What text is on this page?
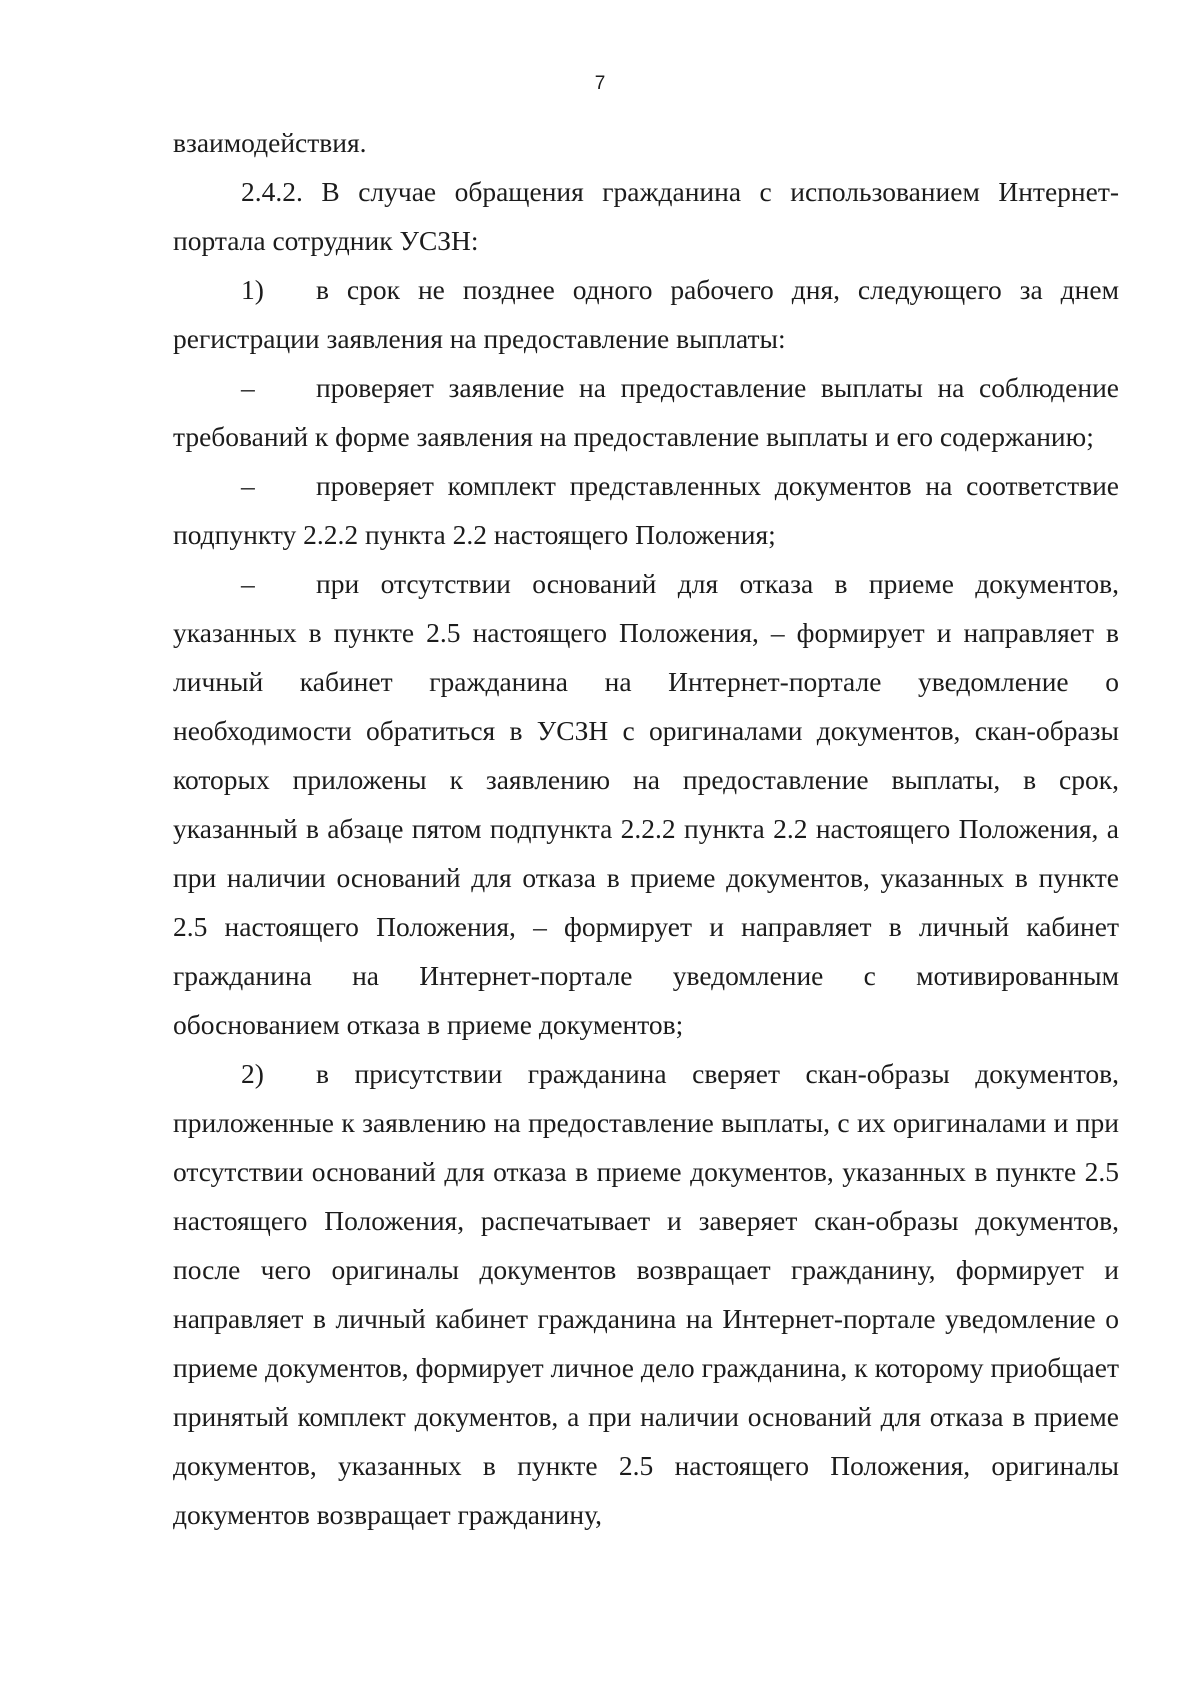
7

взаимодействия.

2.4.2. В случае обращения гражданина с использованием Интернет-портала сотрудник УСЗН:

1) в срок не позднее одного рабочего дня, следующего за днем регистрации заявления на предоставление выплаты:

– проверяет заявление на предоставление выплаты на соблюдение требований к форме заявления на предоставление выплаты и его содержанию;

– проверяет комплект представленных документов на соответствие подпункту 2.2.2 пункта 2.2 настоящего Положения;

– при отсутствии оснований для отказа в приеме документов, указанных в пункте 2.5 настоящего Положения, – формирует и направляет в личный кабинет гражданина на Интернет-портале уведомление о необходимости обратиться в УСЗН с оригиналами документов, скан-образы которых приложены к заявлению на предоставление выплаты, в срок, указанный в абзаце пятом подпункта 2.2.2 пункта 2.2 настоящего Положения, а при наличии оснований для отказа в приеме документов, указанных в пункте 2.5 настоящего Положения, – формирует и направляет в личный кабинет гражданина на Интернет-портале уведомление с мотивированным обоснованием отказа в приеме документов;

2) в присутствии гражданина сверяет скан-образы документов, приложенные к заявлению на предоставление выплаты, с их оригиналами и при отсутствии оснований для отказа в приеме документов, указанных в пункте 2.5 настоящего Положения, распечатывает и заверяет скан-образы документов, после чего оригиналы документов возвращает гражданину, формирует и направляет в личный кабинет гражданина на Интернет-портале уведомление о приеме документов, формирует личное дело гражданина, к которому приобщает принятый комплект документов, а при наличии оснований для отказа в приеме документов, указанных в пункте 2.5 настоящего Положения, оригиналы документов возвращает гражданину,
